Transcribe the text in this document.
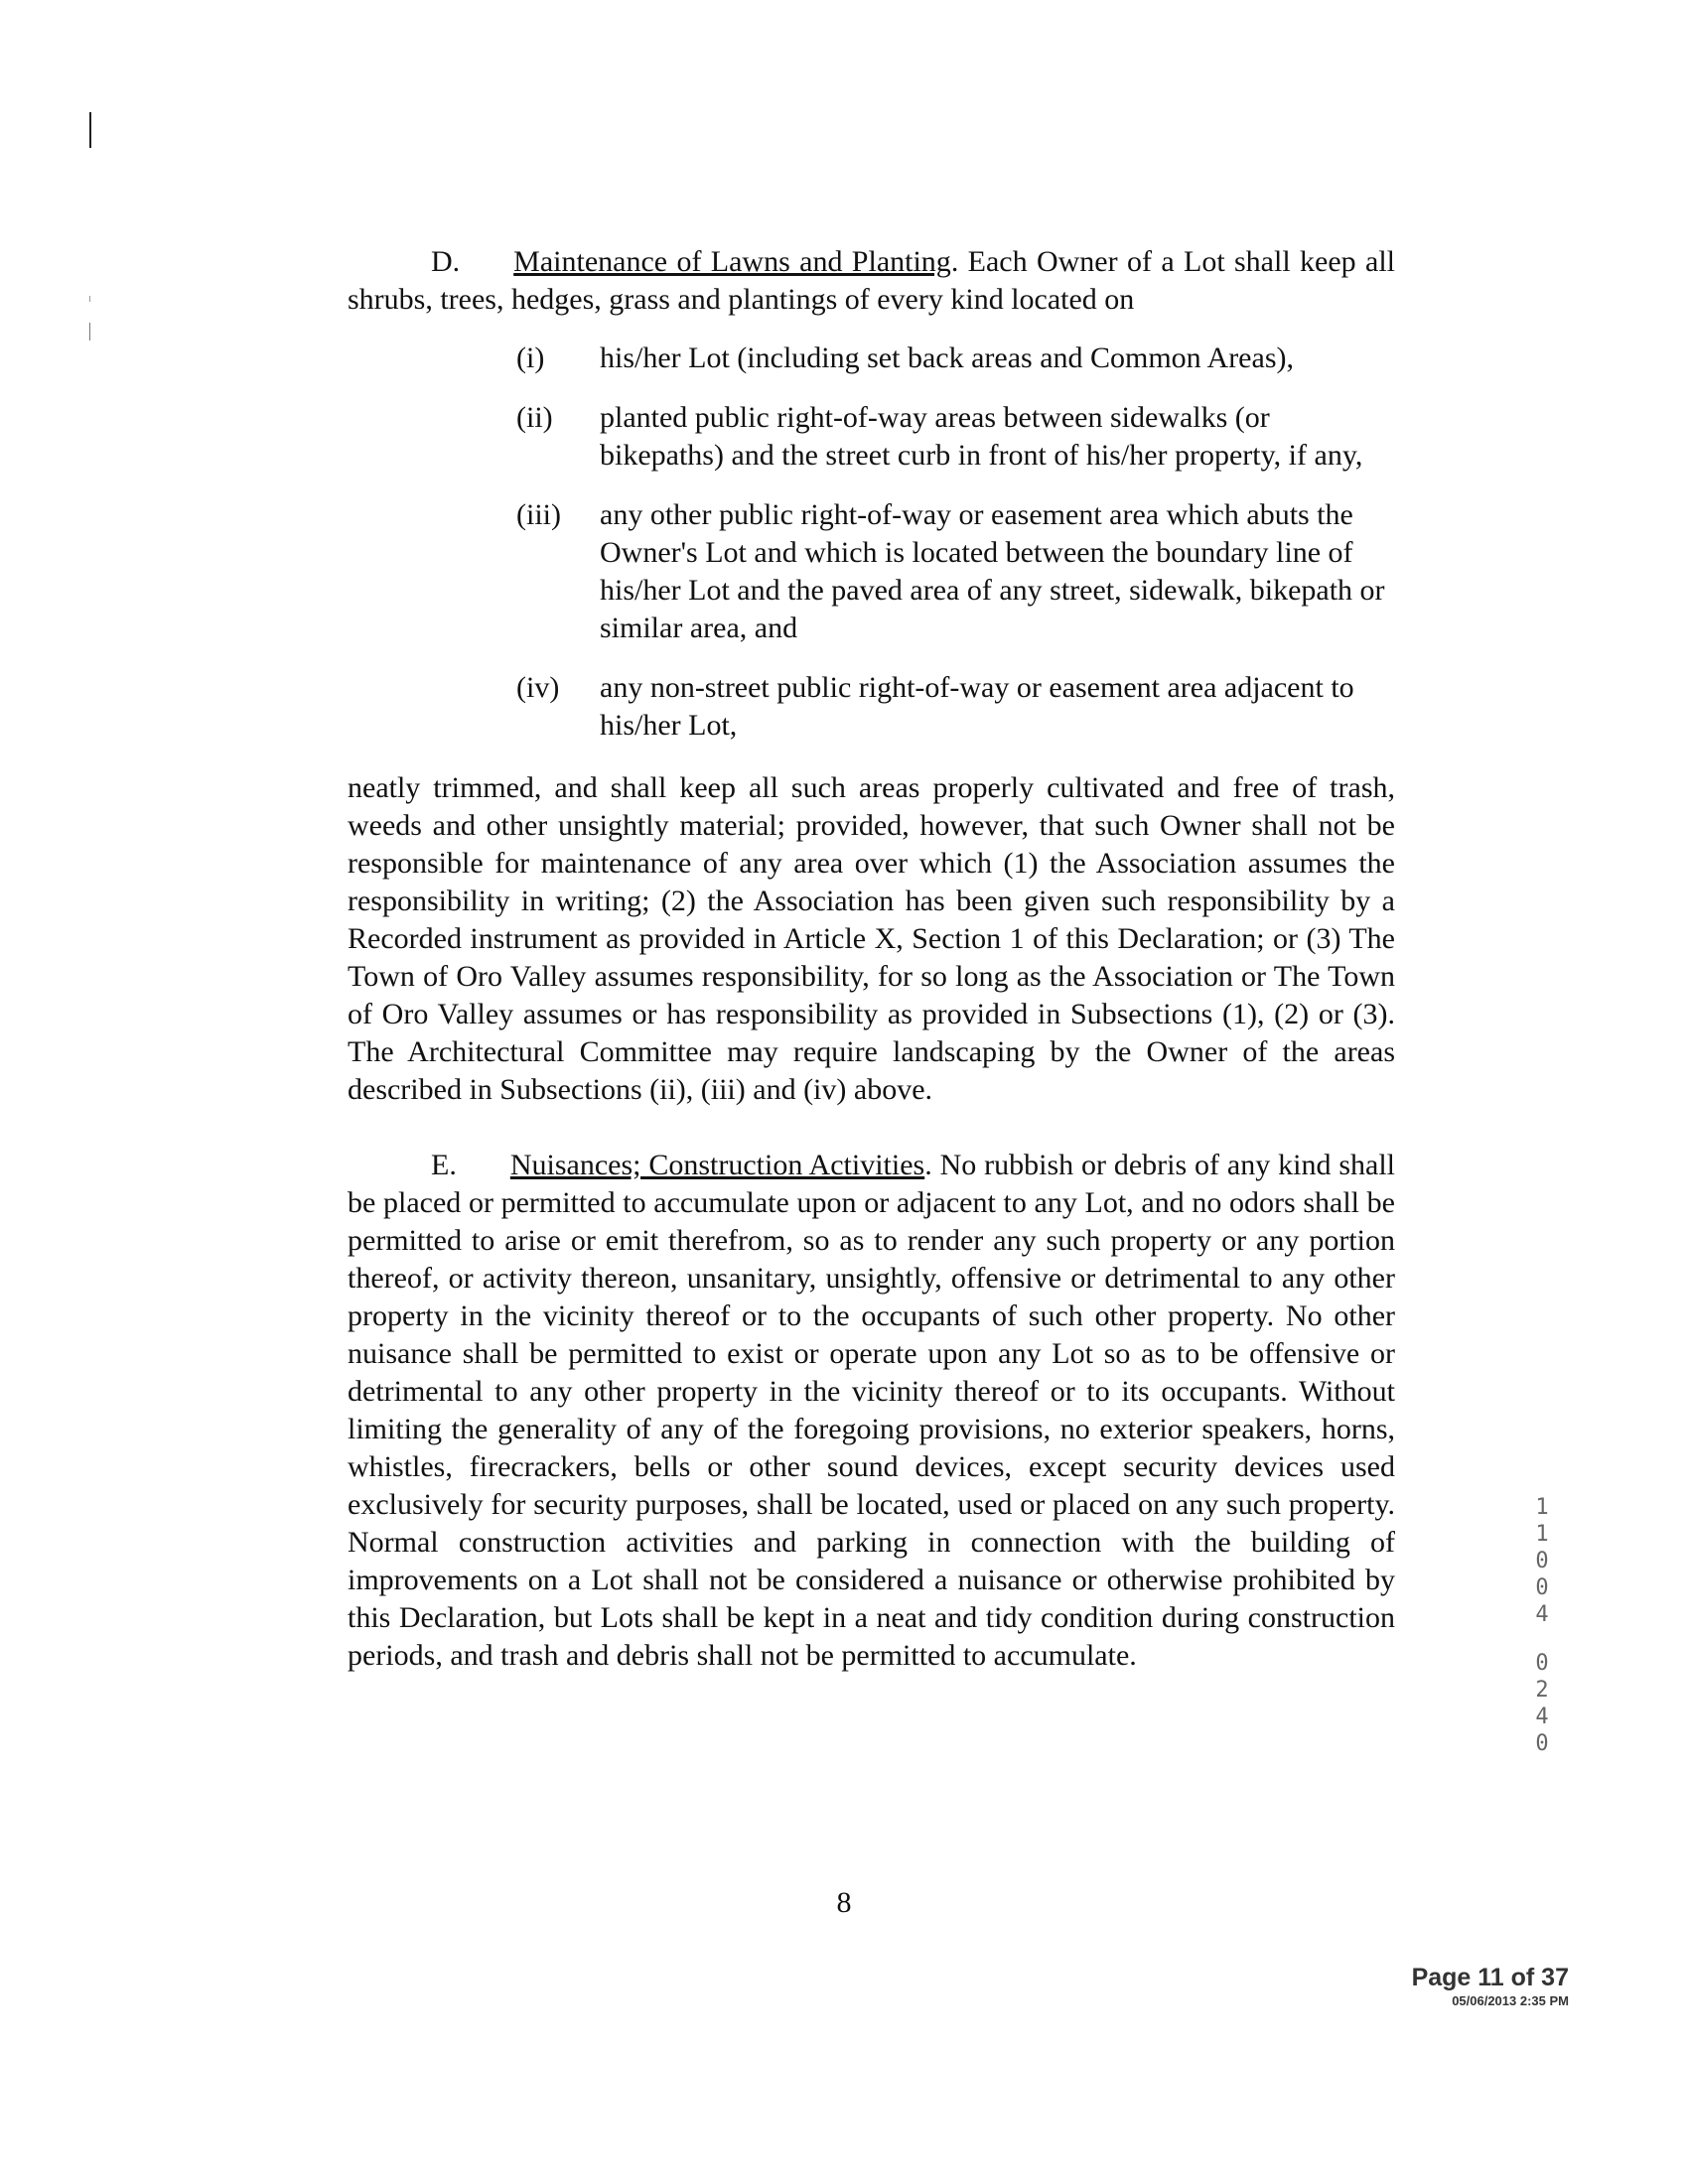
D. Maintenance of Lawns and Planting. Each Owner of a Lot shall keep all shrubs, trees, hedges, grass and plantings of every kind located on

(i)	his/her Lot (including set back areas and Common Areas),
(ii)	planted public right-of-way areas between sidewalks (or bikepaths) and the street curb in front of his/her property, if any,
(iii)	any other public right-of-way or easement area which abuts the Owner's Lot and which is located between the boundary line of his/her Lot and the paved area of any street, sidewalk, bikepath or similar area, and
(iv)	any non-street public right-of-way or easement area adjacent to his/her Lot,

neatly trimmed, and shall keep all such areas properly cultivated and free of trash, weeds and other unsightly material; provided, however, that such Owner shall not be responsible for maintenance of any area over which (1) the Association assumes the responsibility in writing; (2) the Association has been given such responsibility by a Recorded instrument as provided in Article X, Section 1 of this Declaration; or (3) The Town of Oro Valley assumes responsibility, for so long as the Association or The Town of Oro Valley assumes or has responsibility as provided in Subsections (1), (2) or (3). The Architectural Committee may require landscaping by the Owner of the areas described in Subsections (ii), (iii) and (iv) above.

E. Nuisances; Construction Activities. No rubbish or debris of any kind shall be placed or permitted to accumulate upon or adjacent to any Lot, and no odors shall be permitted to arise or emit therefrom, so as to render any such property or any portion thereof, or activity thereon, unsanitary, unsightly, offensive or detrimental to any other property in the vicinity thereof or to the occupants of such other property. No other nuisance shall be permitted to exist or operate upon any Lot so as to be offensive or detrimental to any other property in the vicinity thereof or to its occupants. Without limiting the generality of any of the foregoing provisions, no exterior speakers, horns, whistles, firecrackers, bells or other sound devices, except security devices used exclusively for security purposes, shall be located, used or placed on any such property. Normal construction activities and parking in connection with the building of improvements on a Lot shall not be considered a nuisance or otherwise prohibited by this Declaration, but Lots shall be kept in a neat and tidy condition during construction periods, and trash and debris shall not be permitted to accumulate.

1
1
0
0
4
0
2
4
0
8
Page 11 of 37
05/06/2013 2:35 PM
